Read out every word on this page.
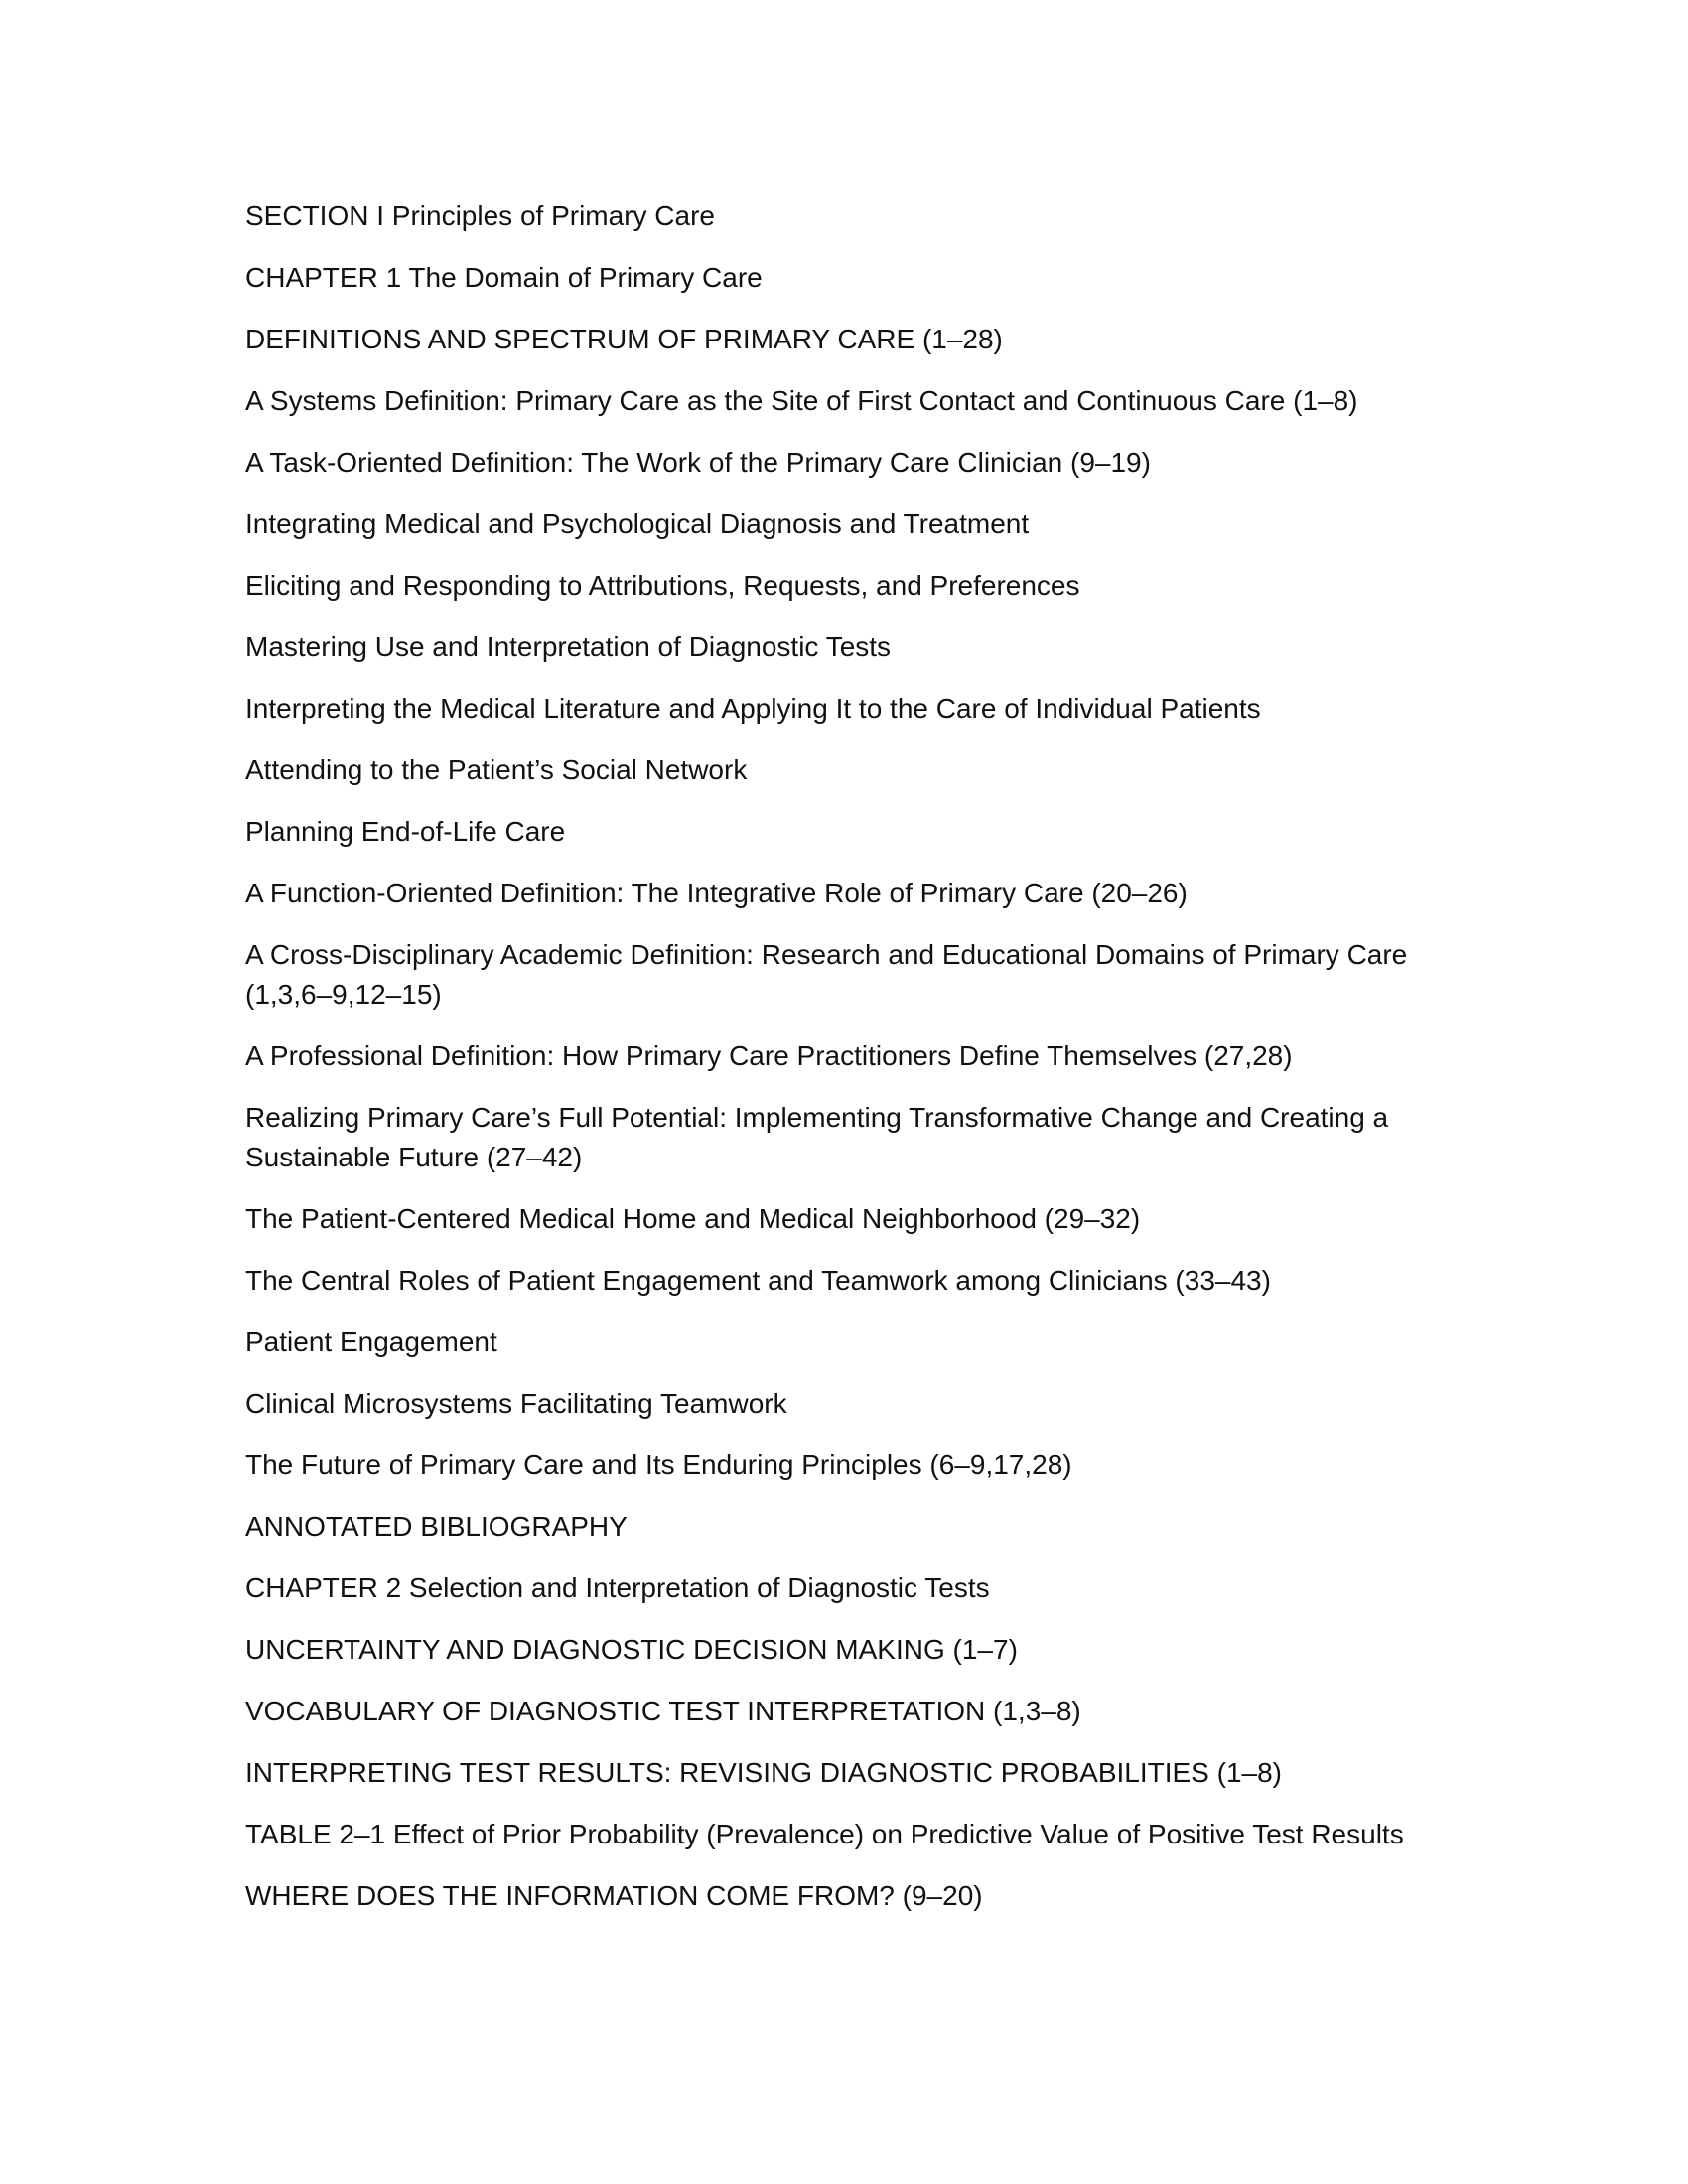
SECTION I Principles of Primary Care
CHAPTER 1 The Domain of Primary Care
DEFINITIONS AND SPECTRUM OF PRIMARY CARE (1–28)
A Systems Definition: Primary Care as the Site of First Contact and Continuous Care (1–8)
A Task-Oriented Definition: The Work of the Primary Care Clinician (9–19)
Integrating Medical and Psychological Diagnosis and Treatment
Eliciting and Responding to Attributions, Requests, and Preferences
Mastering Use and Interpretation of Diagnostic Tests
Interpreting the Medical Literature and Applying It to the Care of Individual Patients
Attending to the Patient’s Social Network
Planning End-of-Life Care
A Function-Oriented Definition: The Integrative Role of Primary Care (20–26)
A Cross-Disciplinary Academic Definition: Research and Educational Domains of Primary Care (1,3,6–9,12–15)
A Professional Definition: How Primary Care Practitioners Define Themselves (27,28)
Realizing Primary Care’s Full Potential: Implementing Transformative Change and Creating a Sustainable Future (27–42)
The Patient-Centered Medical Home and Medical Neighborhood (29–32)
The Central Roles of Patient Engagement and Teamwork among Clinicians (33–43)
Patient Engagement
Clinical Microsystems Facilitating Teamwork
The Future of Primary Care and Its Enduring Principles (6–9,17,28)
ANNOTATED BIBLIOGRAPHY
CHAPTER 2 Selection and Interpretation of Diagnostic Tests
UNCERTAINTY AND DIAGNOSTIC DECISION MAKING (1–7)
VOCABULARY OF DIAGNOSTIC TEST INTERPRETATION (1,3–8)
INTERPRETING TEST RESULTS: REVISING DIAGNOSTIC PROBABILITIES (1–8)
TABLE 2–1 Effect of Prior Probability (Prevalence) on Predictive Value of Positive Test Results
WHERE DOES THE INFORMATION COME FROM? (9–20)
